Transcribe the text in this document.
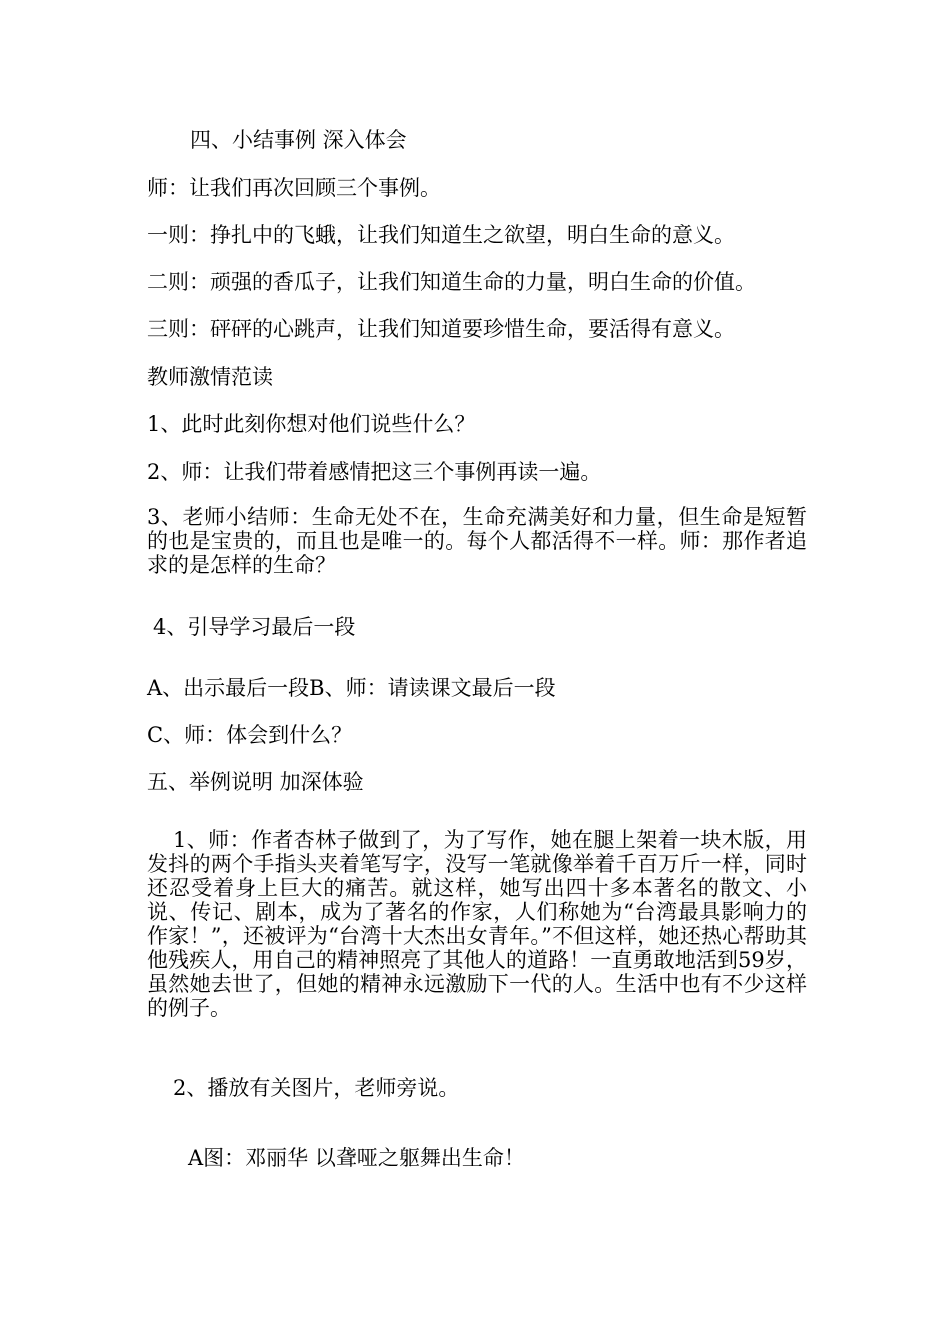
四、小结事例 深入体会
师：让我们再次回顾三个事例。
一则：挣扎中的飞蛾，让我们知道生之欲望，明白生命的意义。
二则：顽强的香瓜子，让我们知道生命的力量，明白生命的价值。
三则：砰砰的心跳声，让我们知道要珍惜生命，要活得有意义。
教师激情范读
1、此时此刻你想对他们说些什么？
2、师：让我们带着感情把这三个事例再读一遍。
3、老师小结师：生命无处不在，生命充满美好和力量，但生命是短暂的也是宝贵的，而且也是唯一的。每个人都活得不一样。师：那作者追求的是怎样的生命？
4、引导学习最后一段
A、出示最后一段B、师：请读课文最后一段
C、师：体会到什么？
五、举例说明 加深体验
1、师：作者杏林子做到了，为了写作，她在腿上架着一块木版，用发抖的两个手指头夹着笔写字，没写一笔就像举着千百万斤一样，同时还忍受着身上巨大的痛苦。就这样，她写出四十多本著名的散文、小说、传记、剧本，成为了著名的作家，人们称她为“台湾最具影响力的作家！”，还被评为“台湾十大杰出女青年。”不但这样，她还热心帮助其他残疾人，用自己的精神照亮了其他人的道路！一直勇敢地活到59岁，虽然她去世了，但她的精神永远激励下一代的人。生活中也有不少这样的例子。
2、播放有关图片，老师旁说。
A图：邓丽华 以聋哑之躯舞出生命！
